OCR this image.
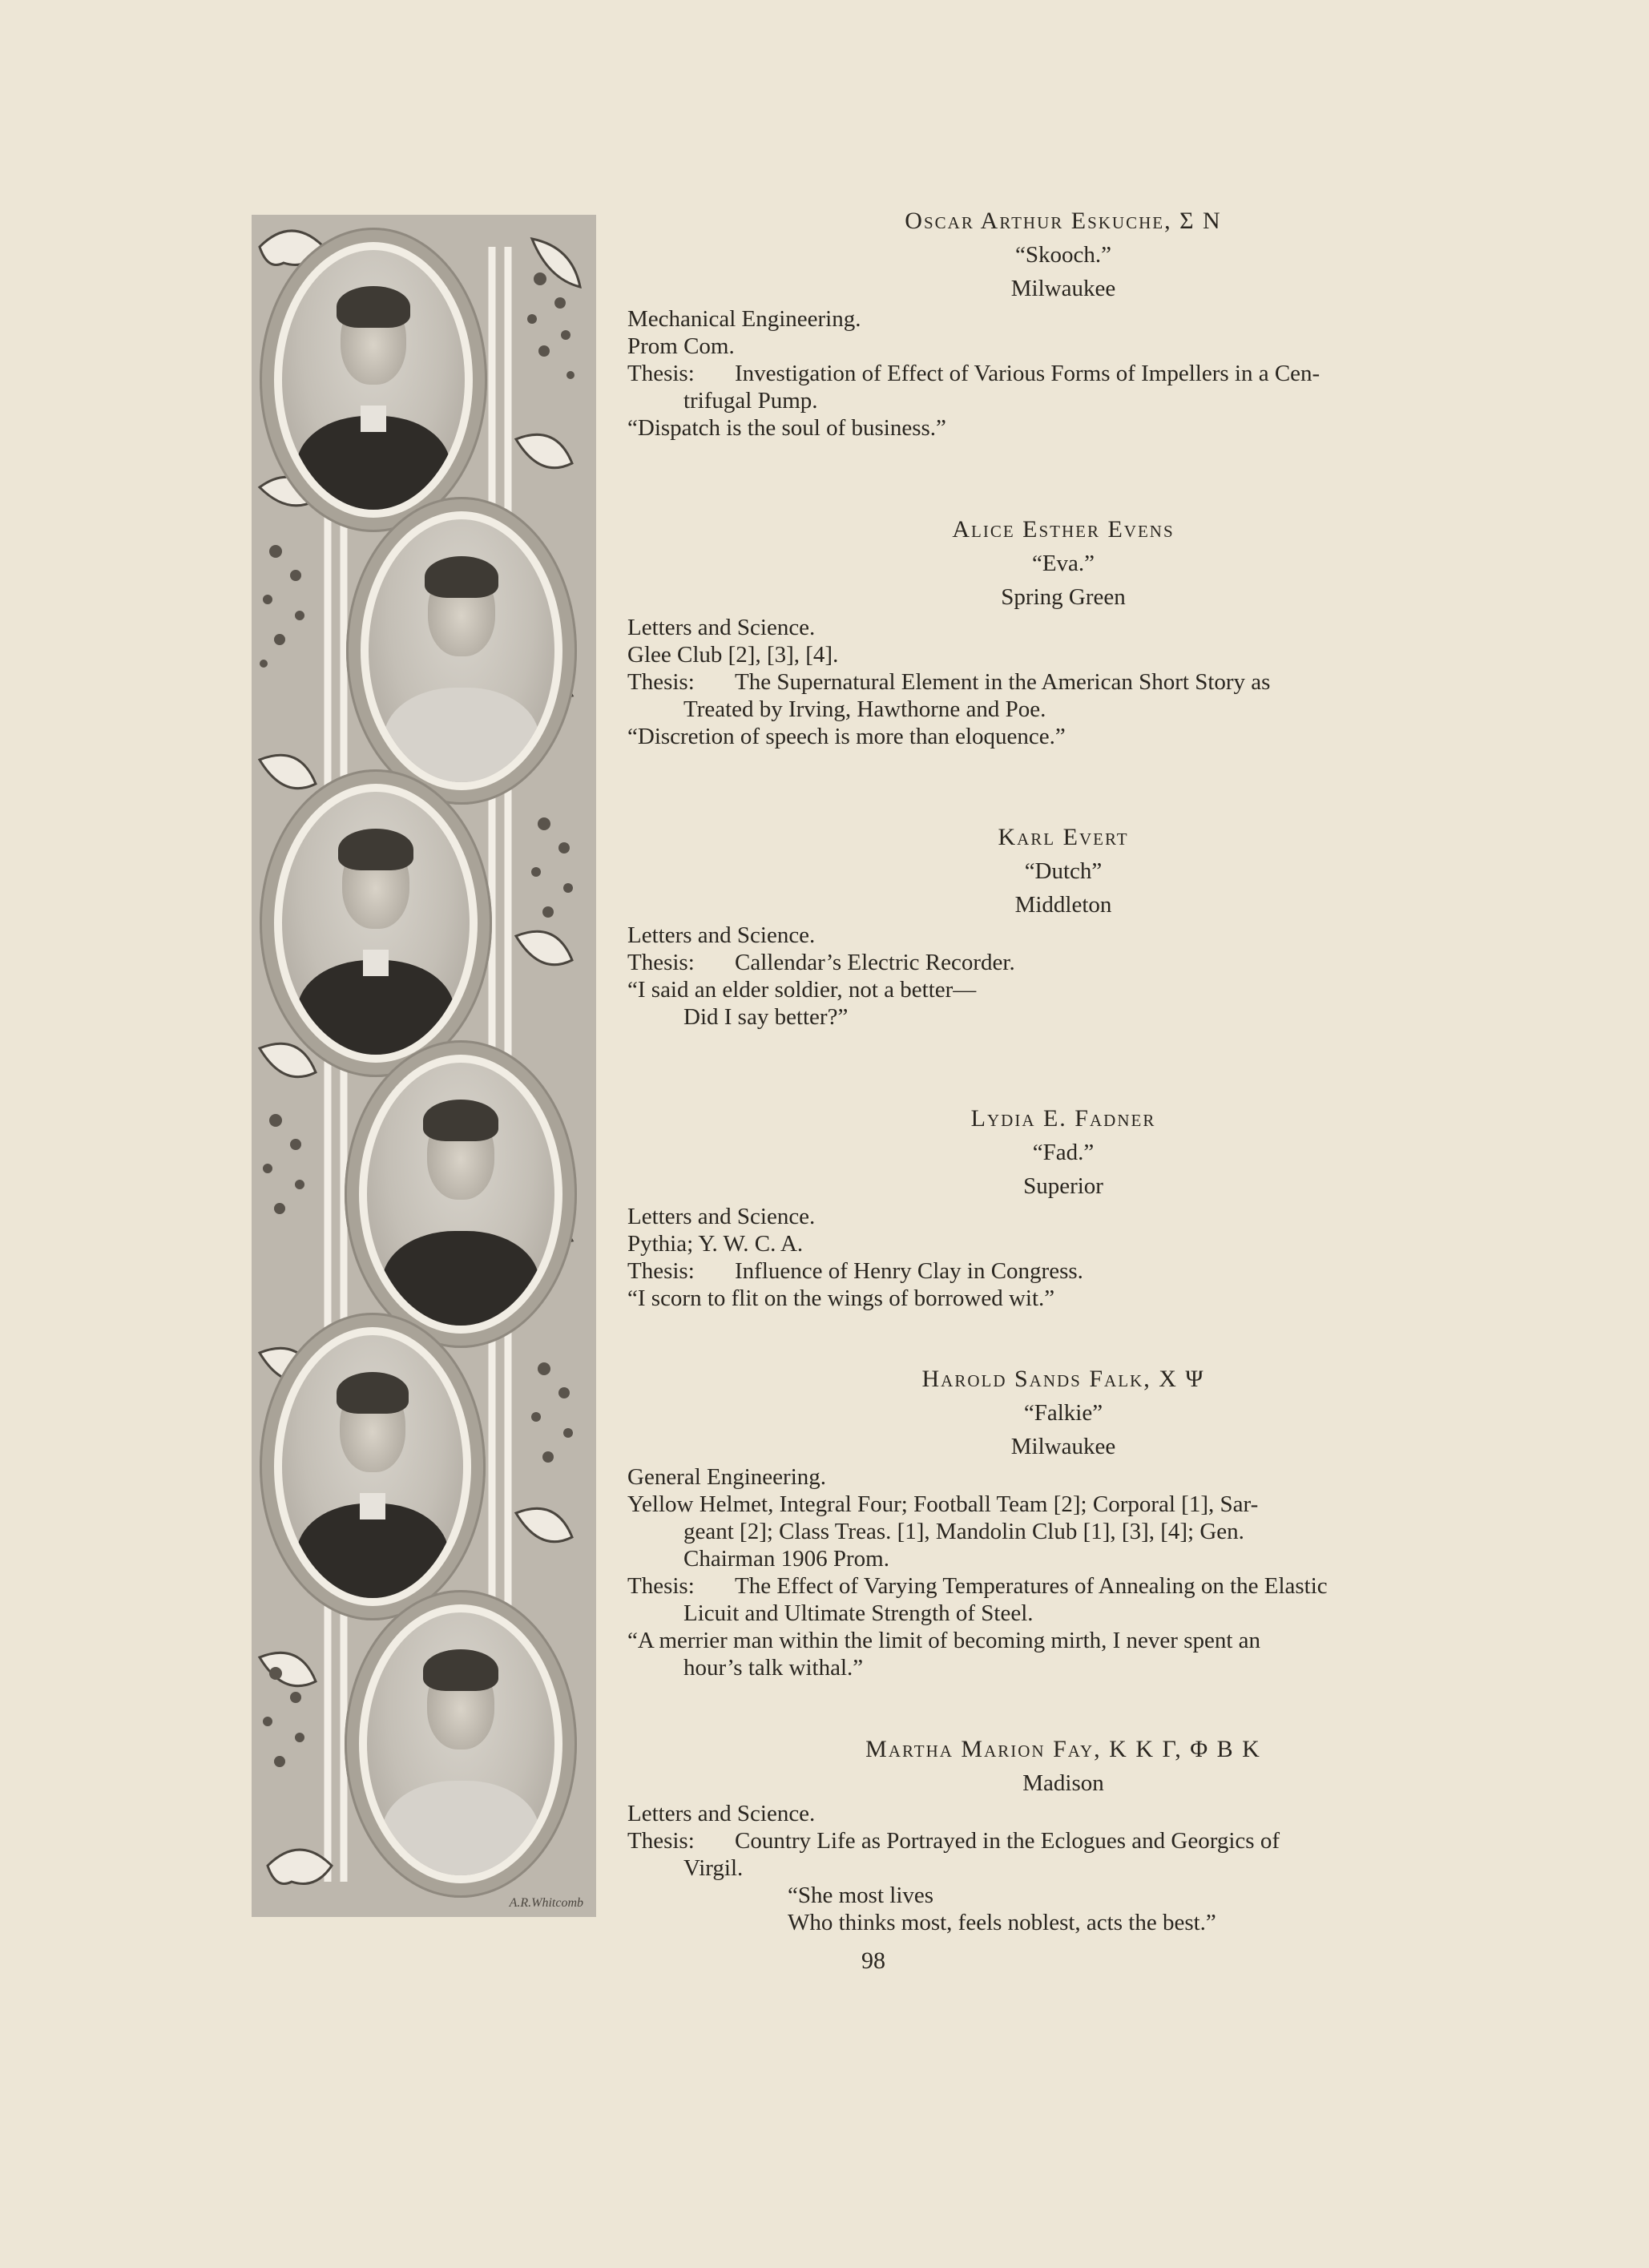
A.R.Whitcomb
Oscar Arthur Eskuche, Σ N
“Skooch.”
Milwaukee
Mechanical Engineering.
Prom Com.
Thesis: Investigation of Effect of Various Forms of Impellers in a Cen-
trifugal Pump.
“Dispatch is the soul of business.”
Alice Esther Evens
“Eva.”
Spring Green
Letters and Science.
Glee Club [2], [3], [4].
Thesis: The Supernatural Element in the American Short Story as
Treated by Irving, Hawthorne and Poe.
“Discretion of speech is more than eloquence.”
Karl Evert
“Dutch”
Middleton
Letters and Science.
Thesis: Callendar’s Electric Recorder.
“I said an elder soldier, not a better—
Did I say better?”
Lydia E. Fadner
“Fad.”
Superior
Letters and Science.
Pythia; Y. W. C. A.
Thesis: Influence of Henry Clay in Congress.
“I scorn to flit on the wings of borrowed wit.”
Harold Sands Falk, X Ψ
“Falkie”
Milwaukee
General Engineering.
Yellow Helmet, Integral Four; Football Team [2]; Corporal [1], Sar-
geant [2]; Class Treas. [1], Mandolin Club [1], [3], [4]; Gen.
Chairman 1906 Prom.
Thesis: The Effect of Varying Temperatures of Annealing on the Elastic
Licuit and Ultimate Strength of Steel.
“A merrier man within the limit of becoming mirth, I never spent an
hour’s talk withal.”
Martha Marion Fay, K K Γ, Φ B K
Madison
Letters and Science.
Thesis: Country Life as Portrayed in the Eclogues and Georgics of
Virgil.
“She most lives
Who thinks most, feels noblest, acts the best.”
98
